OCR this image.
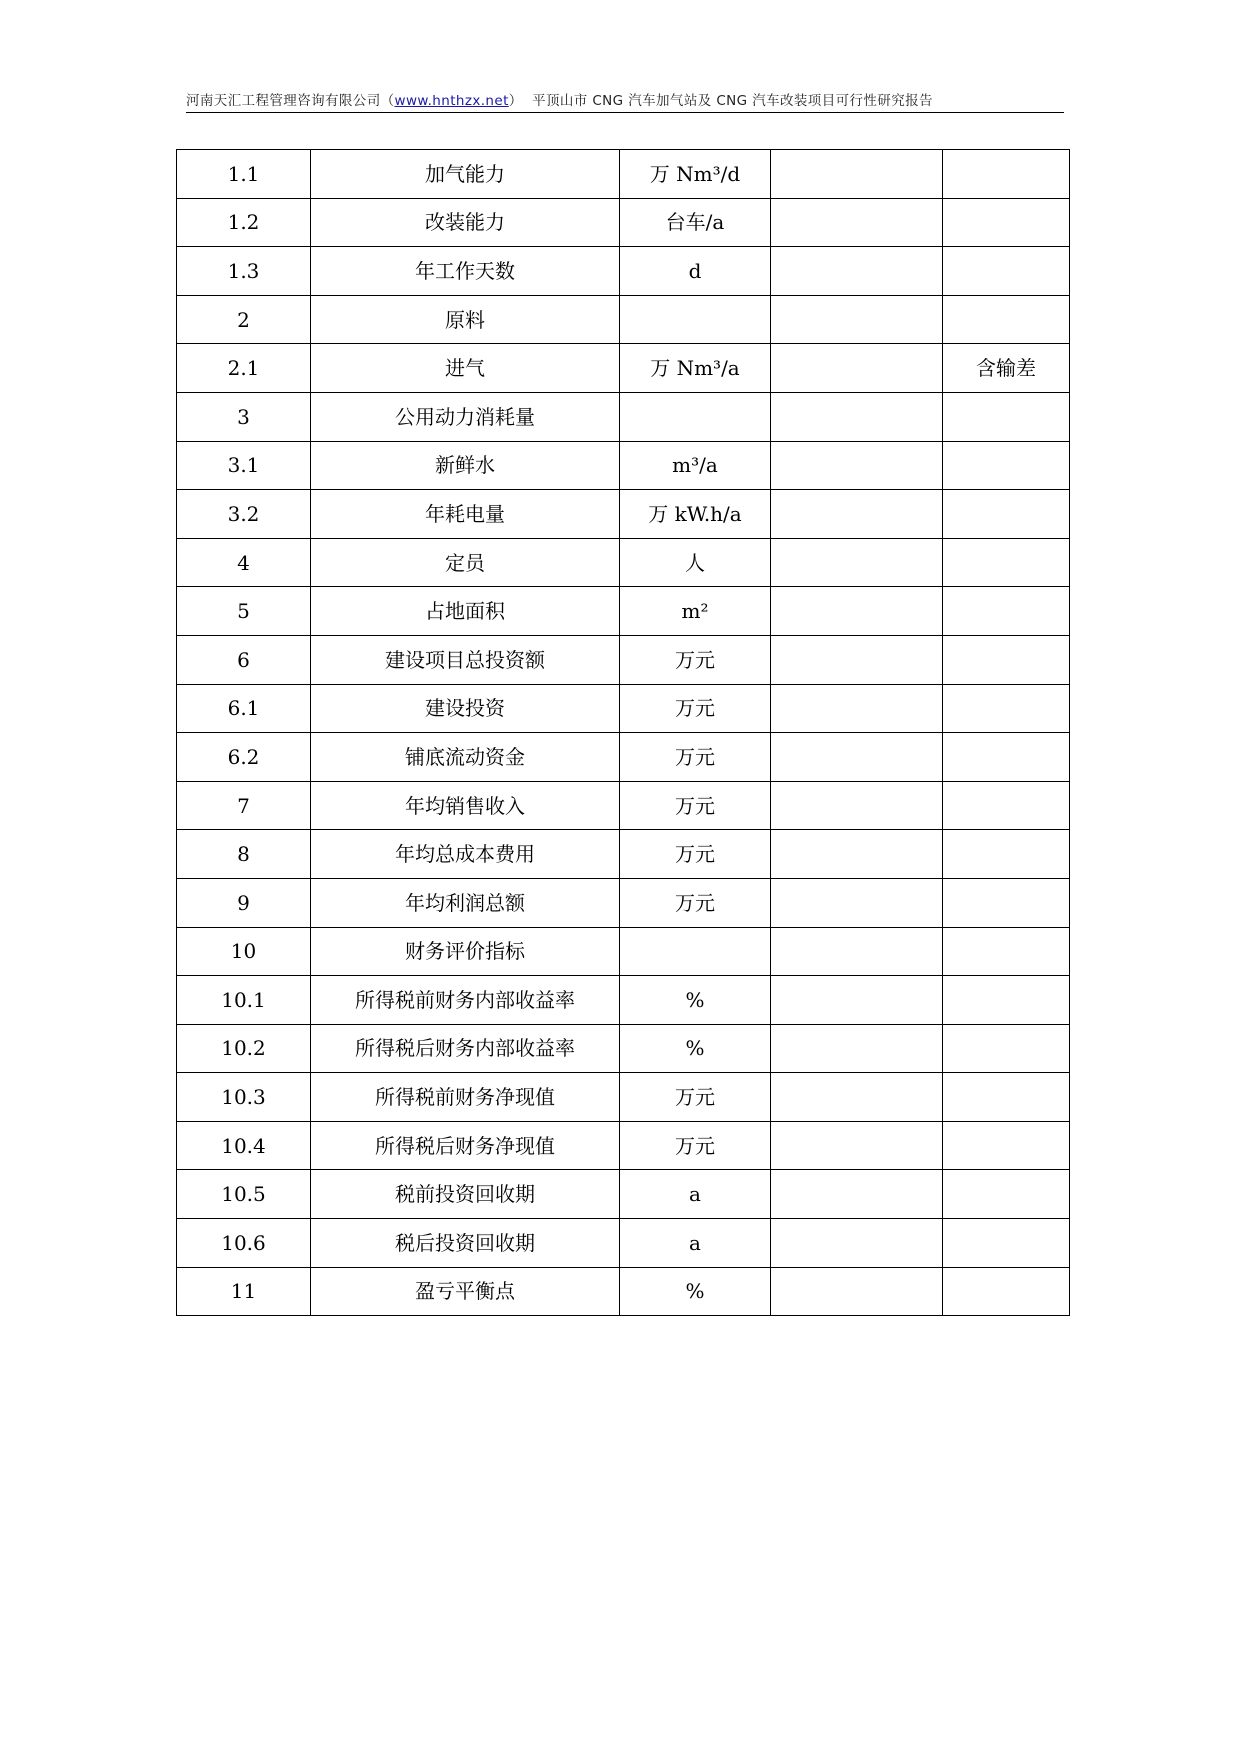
河南天汇工程管理咨询有限公司（www.hnthzx.net） 平顶山市 CNG 汽车加气站及 CNG 汽车改装项目可行性研究报告
1.1	加气能力	万 Nm³/d		
1.2	改装能力	台车/a		
1.3	年工作天数	d		
2	原料			
2.1	进气	万 Nm³/a		含输差
3	公用动力消耗量			
3.1	新鲜水	m³/a		
3.2	年耗电量	万 kW.h/a		
4	定员	人		
5	占地面积	m²		
6	建设项目总投资额	万元		
6.1	建设投资	万元		
6.2	铺底流动资金	万元		
7	年均销售收入	万元		
8	年均总成本费用	万元		
9	年均利润总额	万元		
10	财务评价指标			
10.1	所得税前财务内部收益率	%		
10.2	所得税后财务内部收益率	%		
10.3	所得税前财务净现值	万元		
10.4	所得税后财务净现值	万元		
10.5	税前投资回收期	a		
10.6	税后投资回收期	a		
11	盈亏平衡点	%		
